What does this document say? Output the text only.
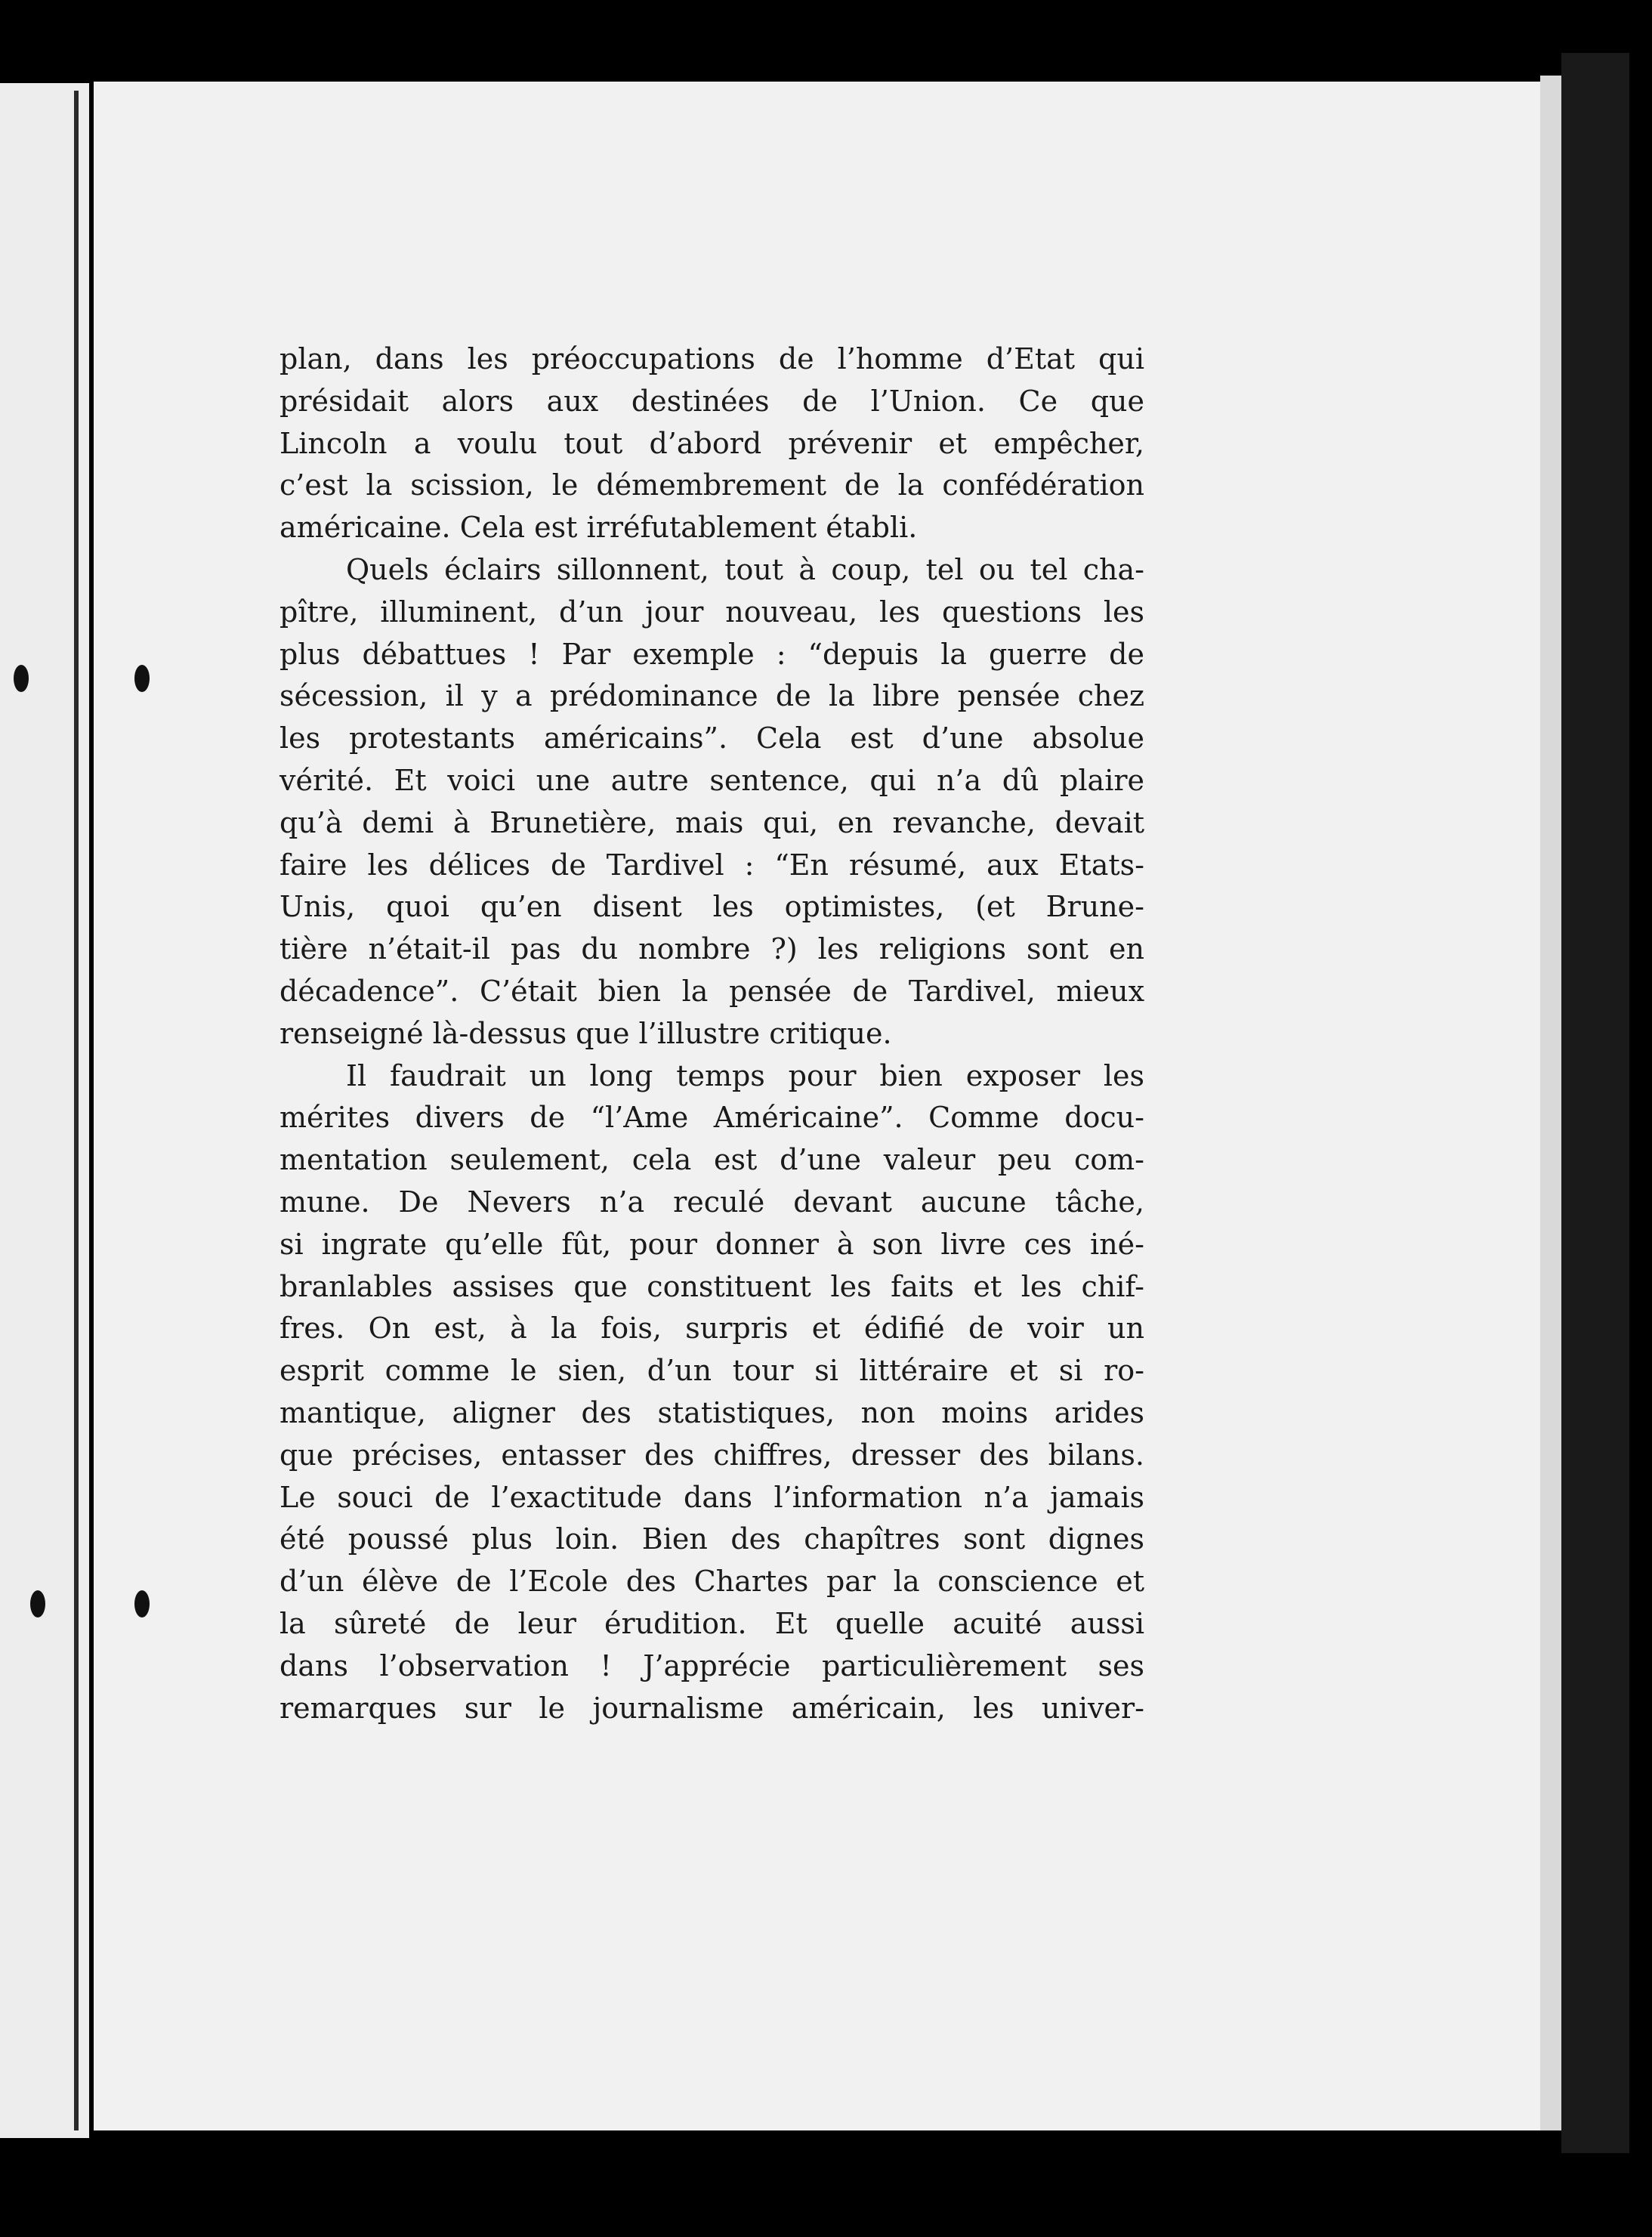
plan, dans les préoccupations de l’homme d’Etat qui

présidait alors aux destinées de l’Union. Ce que

Lincoln a voulu tout d’abord prévenir et empêcher,

c’est la scission, le démembrement de la confédération

américaine. Cela est irréfutablement établi.

Quels éclairs sillonnent, tout à coup, tel ou tel cha-

pître, illuminent, d’un jour nouveau, les questions les

plus débattues ! Par exemple : “depuis la guerre de

sécession, il y a prédominance de la libre pensée chez

les protestants américains”. Cela est d’une absolue

vérité. Et voici une autre sentence, qui n’a dû plaire

qu’à demi à Brunetière, mais qui, en revanche, devait

faire les délices de Tardivel : “En résumé, aux Etats-

Unis, quoi qu’en disent les optimistes, (et Brune-

tière n’était-il pas du nombre ?) les religions sont en

décadence”. C’était bien la pensée de Tardivel, mieux

renseigné là-dessus que l’illustre critique.

Il faudrait un long temps pour bien exposer les

mérites divers de “l’Ame Américaine”. Comme docu-

mentation seulement, cela est d’une valeur peu com-

mune. De Nevers n’a reculé devant aucune tâche,

si ingrate qu’elle fût, pour donner à son livre ces iné-

branlables assises que constituent les faits et les chif-

fres. On est, à la fois, surpris et édifié de voir un

esprit comme le sien, d’un tour si littéraire et si ro-

mantique, aligner des statistiques, non moins arides

que précises, entasser des chiffres, dresser des bilans.

Le souci de l’exactitude dans l’information n’a jamais

été poussé plus loin. Bien des chapîtres sont dignes

d’un élève de l’Ecole des Chartes par la conscience et

la sûreté de leur érudition. Et quelle acuité aussi

dans l’observation ! J’apprécie particulièrement ses

remarques sur le journalisme américain, les univer-
